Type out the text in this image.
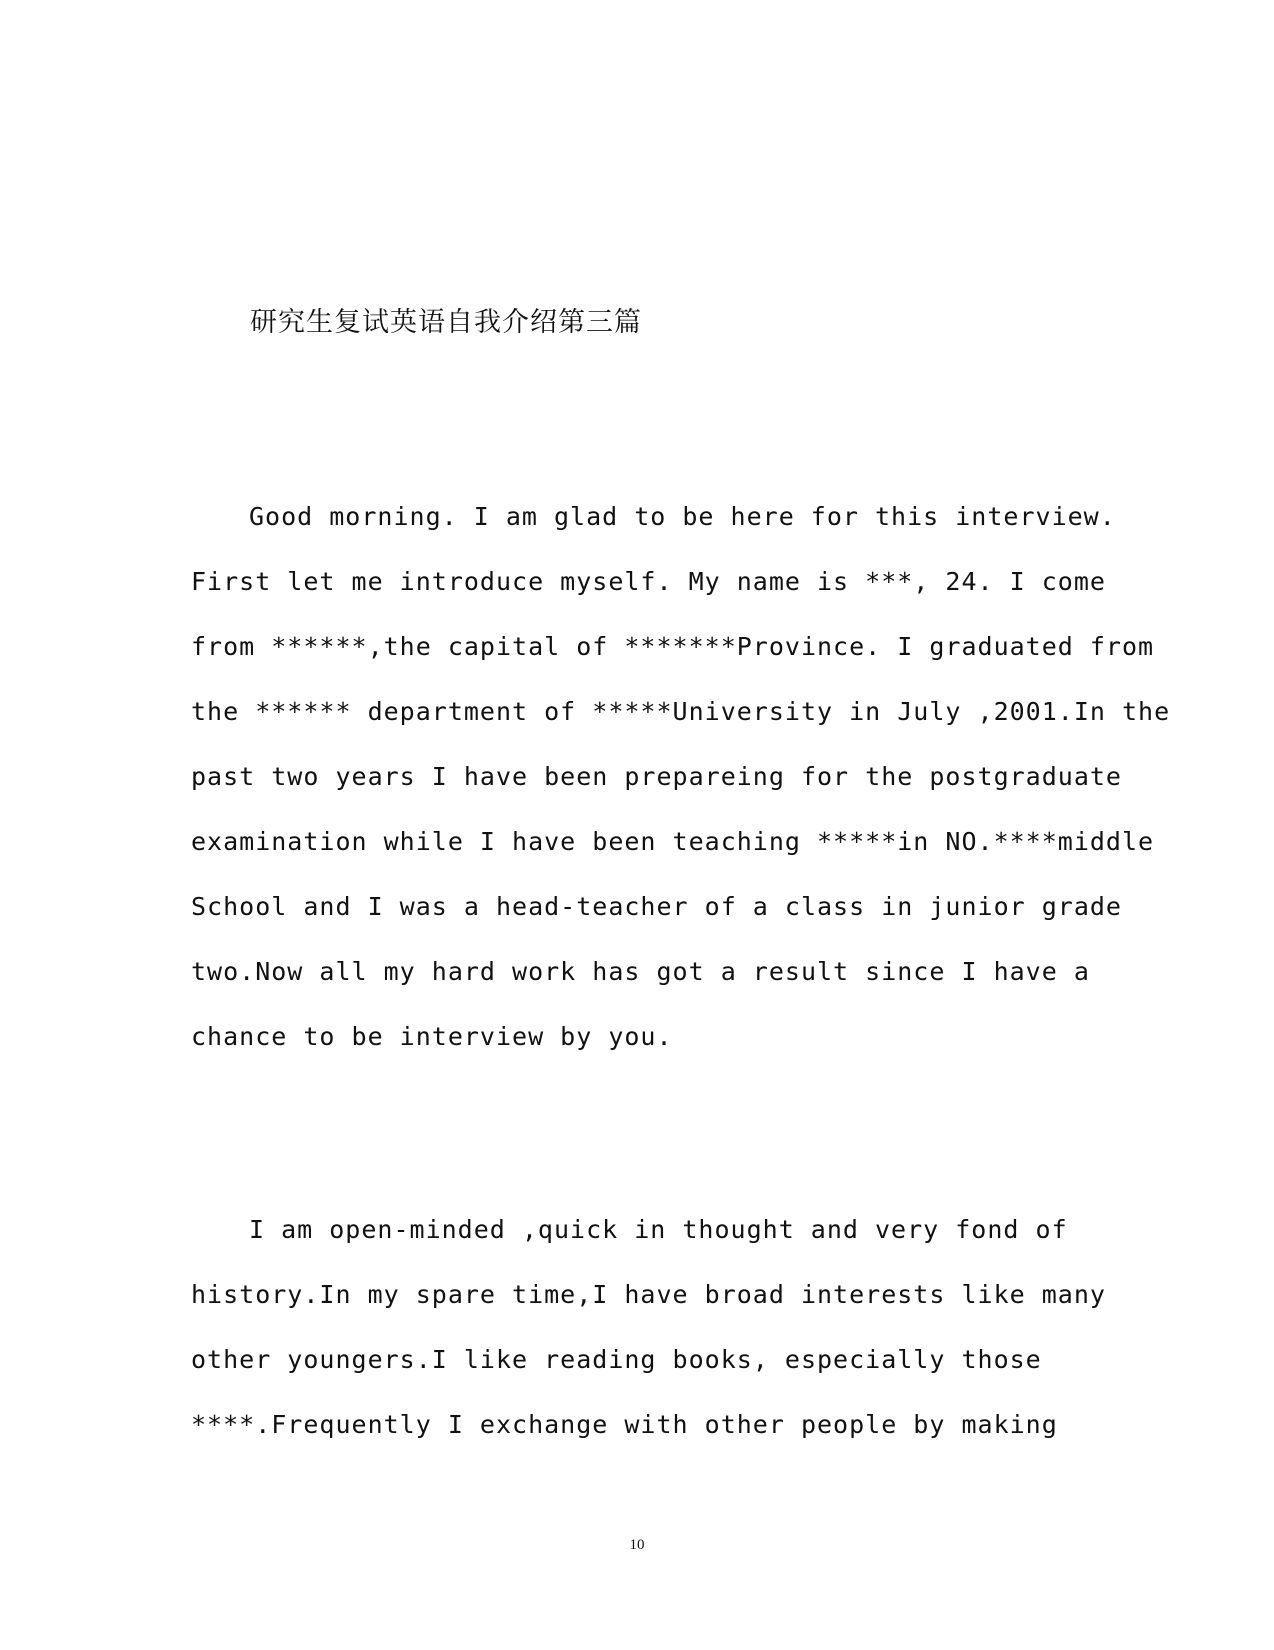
研究生复试英语自我介绍第三篇
Good morning. I am glad to be here for this interview.
First let me introduce myself. My name is ***, 24. I come
from ******,the capital of *******Province. I graduated from
the ****** department of *****University in July ,2001.In the
past two years I have been prepareing for the postgraduate
examination while I have been teaching *****in NO.****middle
School and I was a head-teacher of a class in junior grade
two.Now all my hard work has got a result since I have a
chance to be interview by you.
I am open-minded ,quick in thought and very fond of
history.In my spare time,I have broad interests like many
other youngers.I like reading books, especially those
****.Frequently I exchange with other people by making
10
